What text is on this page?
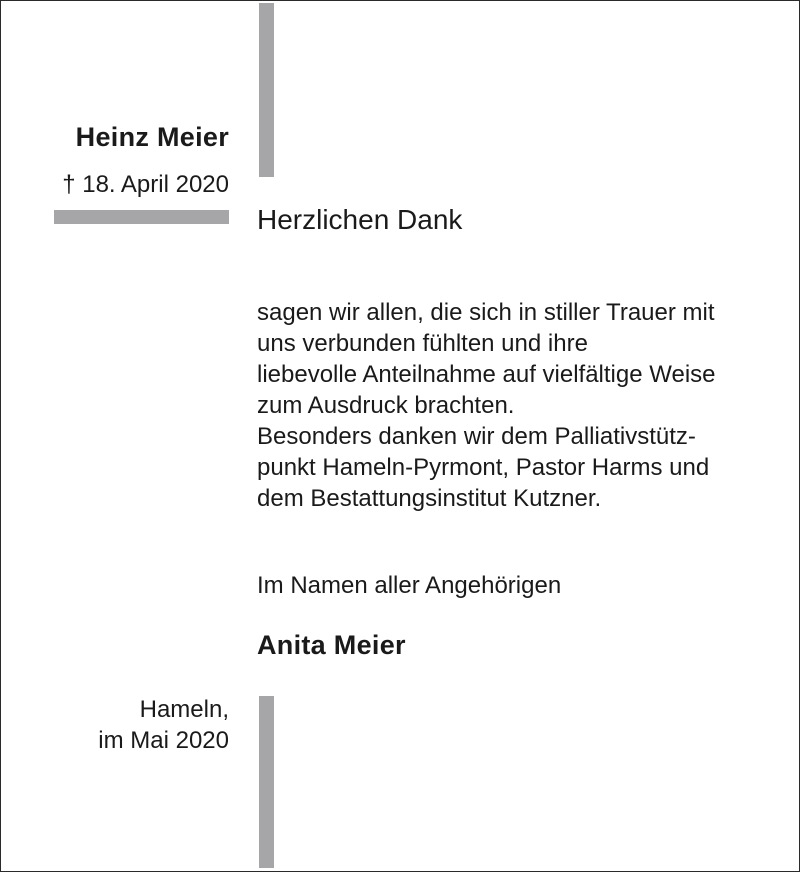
Heinz Meier
† 18. April 2020
Herzlichen Dank
sagen wir allen, die sich in stiller Trauer mit
uns verbunden fühlten und ihre
liebevolle Anteilnahme auf vielfältige Weise
zum Ausdruck brachten.
Besonders danken wir dem Palliativstütz-
punkt Hameln-Pyrmont, Pastor Harms und
dem Bestattungsinstitut Kutzner.
Im Namen aller Angehörigen
Anita Meier
Hameln,
im Mai 2020
